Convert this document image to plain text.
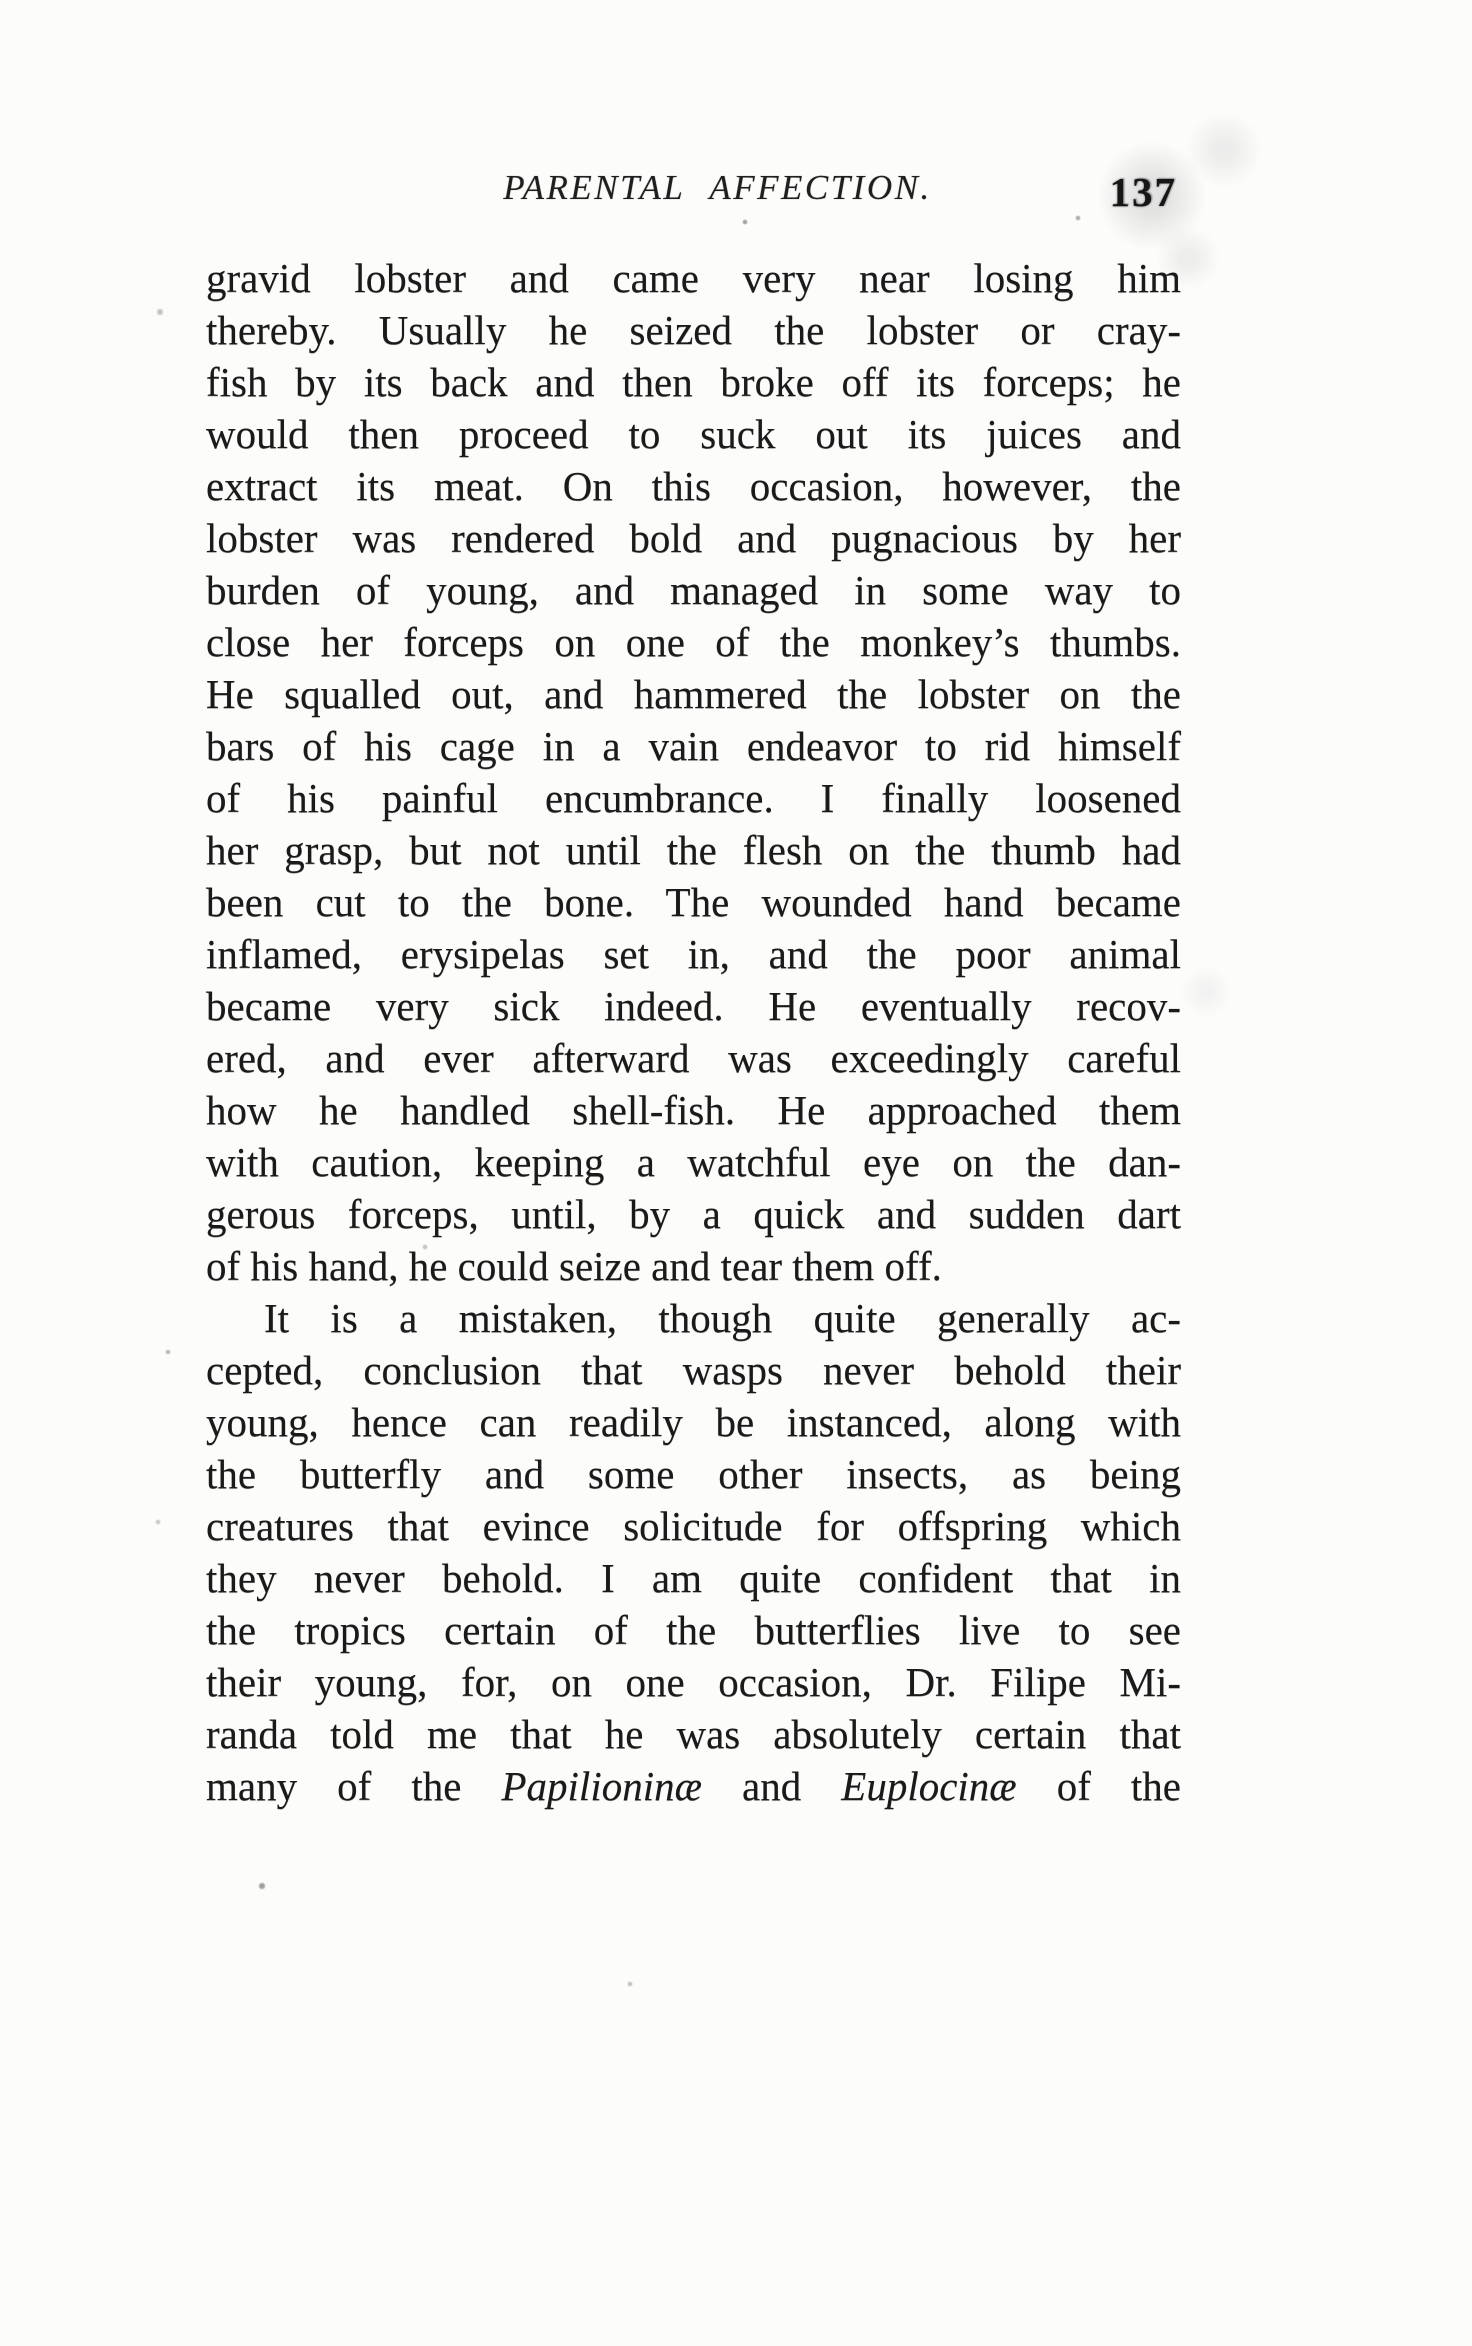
PARENTAL AFFECTION.	137
gravid lobster and came very near losing him
thereby. Usually he seized the lobster or cray-
fish by its back and then broke off its forceps; he
would then proceed to suck out its juices and
extract its meat. On this occasion, however, the
lobster was rendered bold and pugnacious by her
burden of young, and managed in some way to
close her forceps on one of the monkey’s thumbs.
He squalled out, and hammered the lobster on the
bars of his cage in a vain endeavor to rid himself
of his painful encumbrance. I finally loosened
her grasp, but not until the flesh on the thumb had
been cut to the bone. The wounded hand became
inflamed, erysipelas set in, and the poor animal
became very sick indeed. He eventually recov-
ered, and ever afterward was exceedingly careful
how he handled shell-fish. He approached them
with caution, keeping a watchful eye on the dan-
gerous forceps, until, by a quick and sudden dart
of his hand, he could seize and tear them off.
It is a mistaken, though quite generally ac-
cepted, conclusion that wasps never behold their
young, hence can readily be instanced, along with
the butterfly and some other insects, as being
creatures that evince solicitude for offspring which
they never behold. I am quite confident that in
the tropics certain of the butterflies live to see
their young, for, on one occasion, Dr. Filipe Mi-
randa told me that he was absolutely certain that
many of the Papilioninæ and Euplocinæ of the
